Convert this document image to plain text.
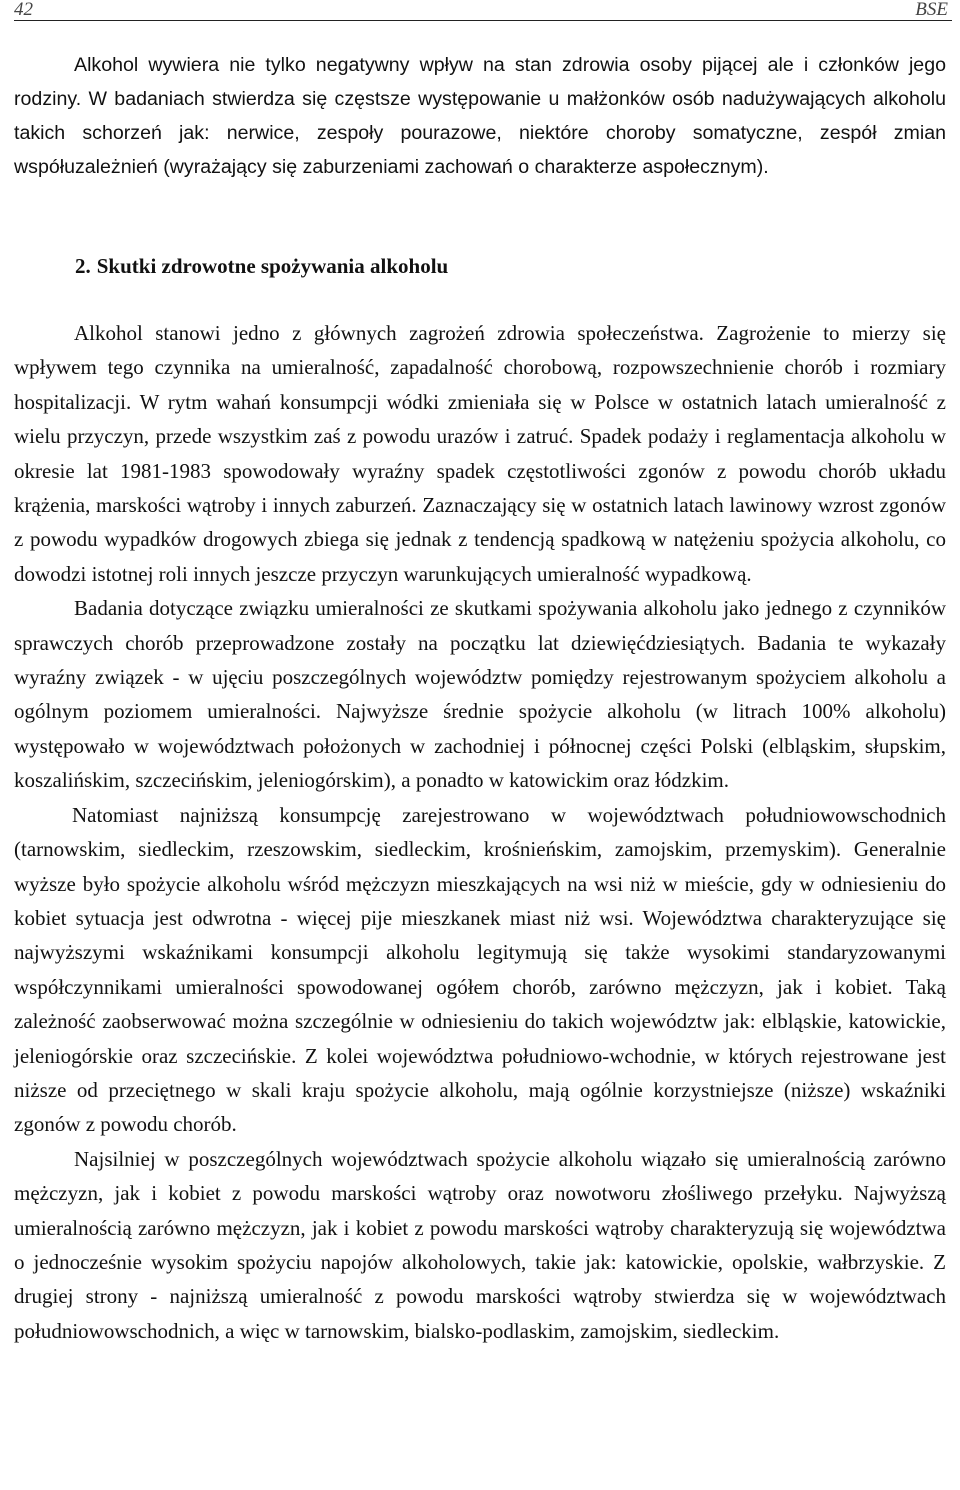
42	BSE

Alkohol wywiera nie tylko negatywny wpływ na stan zdrowia osoby pijącej ale i członków jego rodziny. W badaniach stwierdza się częstsze występowanie u małżonków osób nadużywających alkoholu takich schorzeń jak: nerwice, zespoły pourazowe, niektóre choroby somatyczne, zespół zmian współuzależnień (wyrażający się zaburzeniami zachowań o charakterze aspołecznym).

2. Skutki zdrowotne spożywania alkoholu

Alkohol stanowi jedno z głównych zagrożeń zdrowia społeczeństwa. Zagrożenie to mierzy się wpływem tego czynnika na umieralność, zapadalność chorobową, rozpowszechnienie chorób i rozmiary hospitalizacji. W rytm wahań konsumpcji wódki zmieniała się w Polsce w ostatnich latach umieralność z wielu przyczyn, przede wszystkim zaś z powodu urazów i zatruć. Spadek podaży i reglamentacja alkoholu w okresie lat 1981-1983 spowodowały wyraźny spadek częstotliwości zgonów z powodu chorób układu krążenia, marskości wątroby i innych zaburzeń. Zaznaczający się w ostatnich latach lawinowy wzrost zgonów z powodu wypadków drogowych zbiega się jednak z tendencją spadkową w natężeniu spożycia alkoholu, co dowodzi istotnej roli innych jeszcze przyczyn warunkujących umieralność wypadkową.

Badania dotyczące związku umieralności ze skutkami spożywania alkoholu jako jednego z czynników sprawczych chorób przeprowadzone zostały na początku lat dziewięćdziesiątych. Badania te wykazały wyraźny związek - w ujęciu poszczególnych województw pomiędzy rejestrowanym spożyciem alkoholu a ogólnym poziomem umieralności. Najwyższe średnie spożycie alkoholu (w litrach 100% alkoholu) występowało w województwach położonych w zachodniej i północnej części Polski (elbląskim, słupskim, koszalińskim, szczecińskim, jeleniogórskim), a ponadto w katowickim oraz łódzkim.

Natomiast najniższą konsumpcję zarejestrowano w województwach południowowschodnich (tarnowskim, siedleckim, rzeszowskim, siedleckim, krośnieńskim, zamojskim, przemyskim). Generalnie wyższe było spożycie alkoholu wśród mężczyzn mieszkających na wsi niż w mieście, gdy w odniesieniu do kobiet sytuacja jest odwrotna - więcej pije mieszkanek miast niż wsi. Województwa charakteryzujące się najwyższymi wskaźnikami konsumpcji alkoholu legitymują się także wysokimi standaryzowanymi współczynnikami umieralności spowodowanej ogółem chorób, zarówno mężczyzn, jak i kobiet. Taką zależność zaobserwować można szczególnie w odniesieniu do takich województw jak: elbląskie, katowickie, jeleniogórskie oraz szczecińskie. Z kolei województwa południowo-wchodnie, w których rejestrowane jest niższe od przeciętnego w skali kraju spożycie alkoholu, mają ogólnie korzystniejsze (niższe) wskaźniki zgonów z powodu chorób.

Najsilniej w poszczególnych województwach spożycie alkoholu wiązało się umieralnością zarówno mężczyzn, jak i kobiet z powodu marskości wątroby oraz nowotworu złośliwego przełyku. Najwyższą umieralnością zarówno mężczyzn, jak i kobiet z powodu marskości wątroby charakteryzują się województwa o jednocześnie wysokim spożyciu napojów alkoholowych, takie jak: katowickie, opolskie, wałbrzyskie. Z drugiej strony - najniższą umieralność z powodu marskości wątroby stwierdza się w województwach południowowschodnich, a więc w tarnowskim, bialsko-podlaskim, zamojskim, siedleckim.
